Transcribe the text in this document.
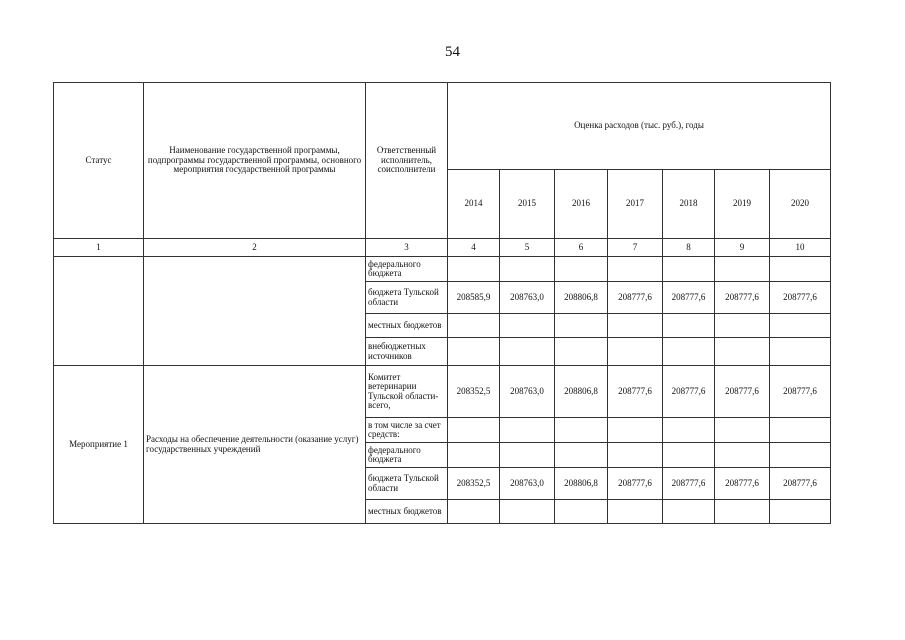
54
Статус	Наименование государственной программы, подпрограммы государственной программы, основного мероприятия государственной программы	Ответственный исполнитель, соисполнители	Оценка расходов (тыс. руб.), годы						
			2014	2015	2016	2017	2018	2019	2020
1	2	3	4	5	6	7	8	9	10
		федерального бюджета							
		бюджета Тульской области	208585,9	208763,0	208806,8	208777,6	208777,6	208777,6	208777,6
		местных бюджетов							
		внебюджетных источников							
Мероприятие 1	Расходы на обеспечение деятельности (оказание услуг) государственных учреждений	Комитет ветеринарии Тульской области- всего,	208352,5	208763,0	208806,8	208777,6	208777,6	208777,6	208777,6
		в том числе за счет средств:							
		федерального бюджета							
		бюджета Тульской области	208352,5	208763,0	208806,8	208777,6	208777,6	208777,6	208777,6
		местных бюджетов							
